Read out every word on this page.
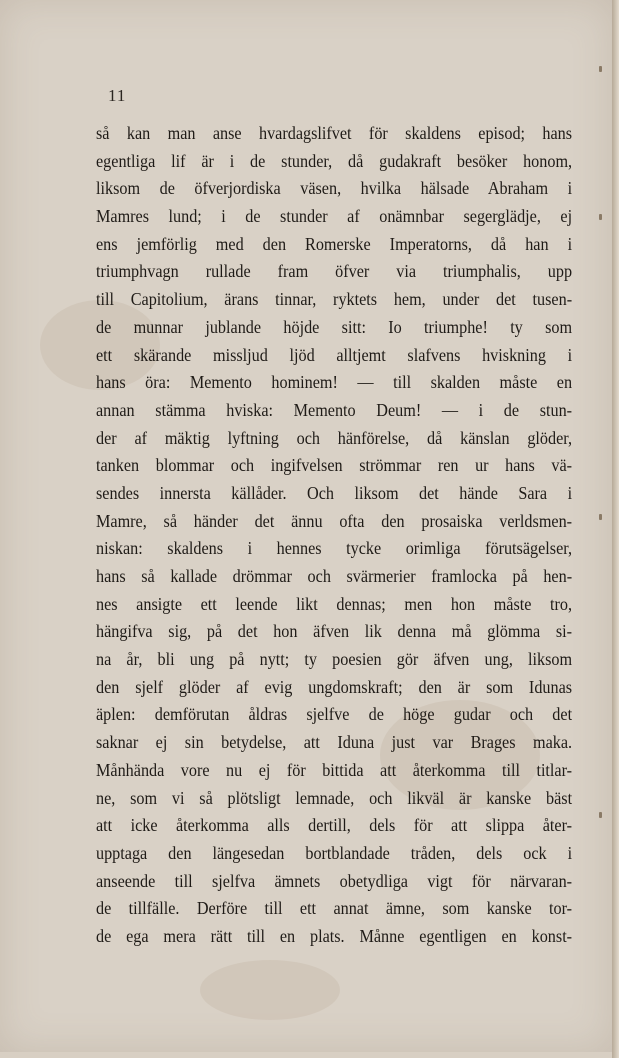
11
så kan man anse hvardagslifvet för skaldens episod; hans
egentliga lif är i de stunder, då gudakraft besöker honom,
liksom de öfverjordiska väsen, hvilka hälsade Abraham i
Mamres lund; i de stunder af onämnbar segerglädje, ej
ens jemförlig med den Romerske Imperatorns, då han i
triumphvagn rullade fram öfver via triumphalis, upp
till Capitolium, ärans tinnar, ryktets hem, under det tusen-
de munnar jublande höjde sitt: Io triumphe! ty som
ett skärande missljud ljöd alltjemt slafvens hviskning i
hans öra: Memento hominem! — till skalden måste en
annan stämma hviska: Memento Deum! — i de stun-
der af mäktig lyftning och hänförelse, då känslan glöder,
tanken blommar och ingifvelsen strömmar ren ur hans vä-
sendes innersta källåder. Och liksom det hände Sara i
Mamre, så händer det ännu ofta den prosaiska verldsmen-
niskan: skaldens i hennes tycke orimliga förutsägelser,
hans så kallade drömmar och svärmerier framlocka på hen-
nes ansigte ett leende likt dennas; men hon måste tro,
hängifva sig, på det hon äfven lik denna må glömma si-
na år, bli ung på nytt; ty poesien gör äfven ung, liksom
den sjelf glöder af evig ungdomskraft; den är som Idunas
äplen: demförutan åldras sjelfve de höge gudar och det
saknar ej sin betydelse, att Iduna just var Brages maka.
Månhända vore nu ej för bittida att återkomma till titlar-
ne, som vi så plötsligt lemnade, och likväl är kanske bäst
att icke återkomma alls dertill, dels för att slippa åter-
upptaga den längesedan bortblandade tråden, dels ock i
anseende till sjelfva ämnets obetydliga vigt för närvaran-
de tillfälle. Derföre till ett annat ämne, som kanske tor-
de ega mera rätt till en plats. Månne egentligen en konst-
